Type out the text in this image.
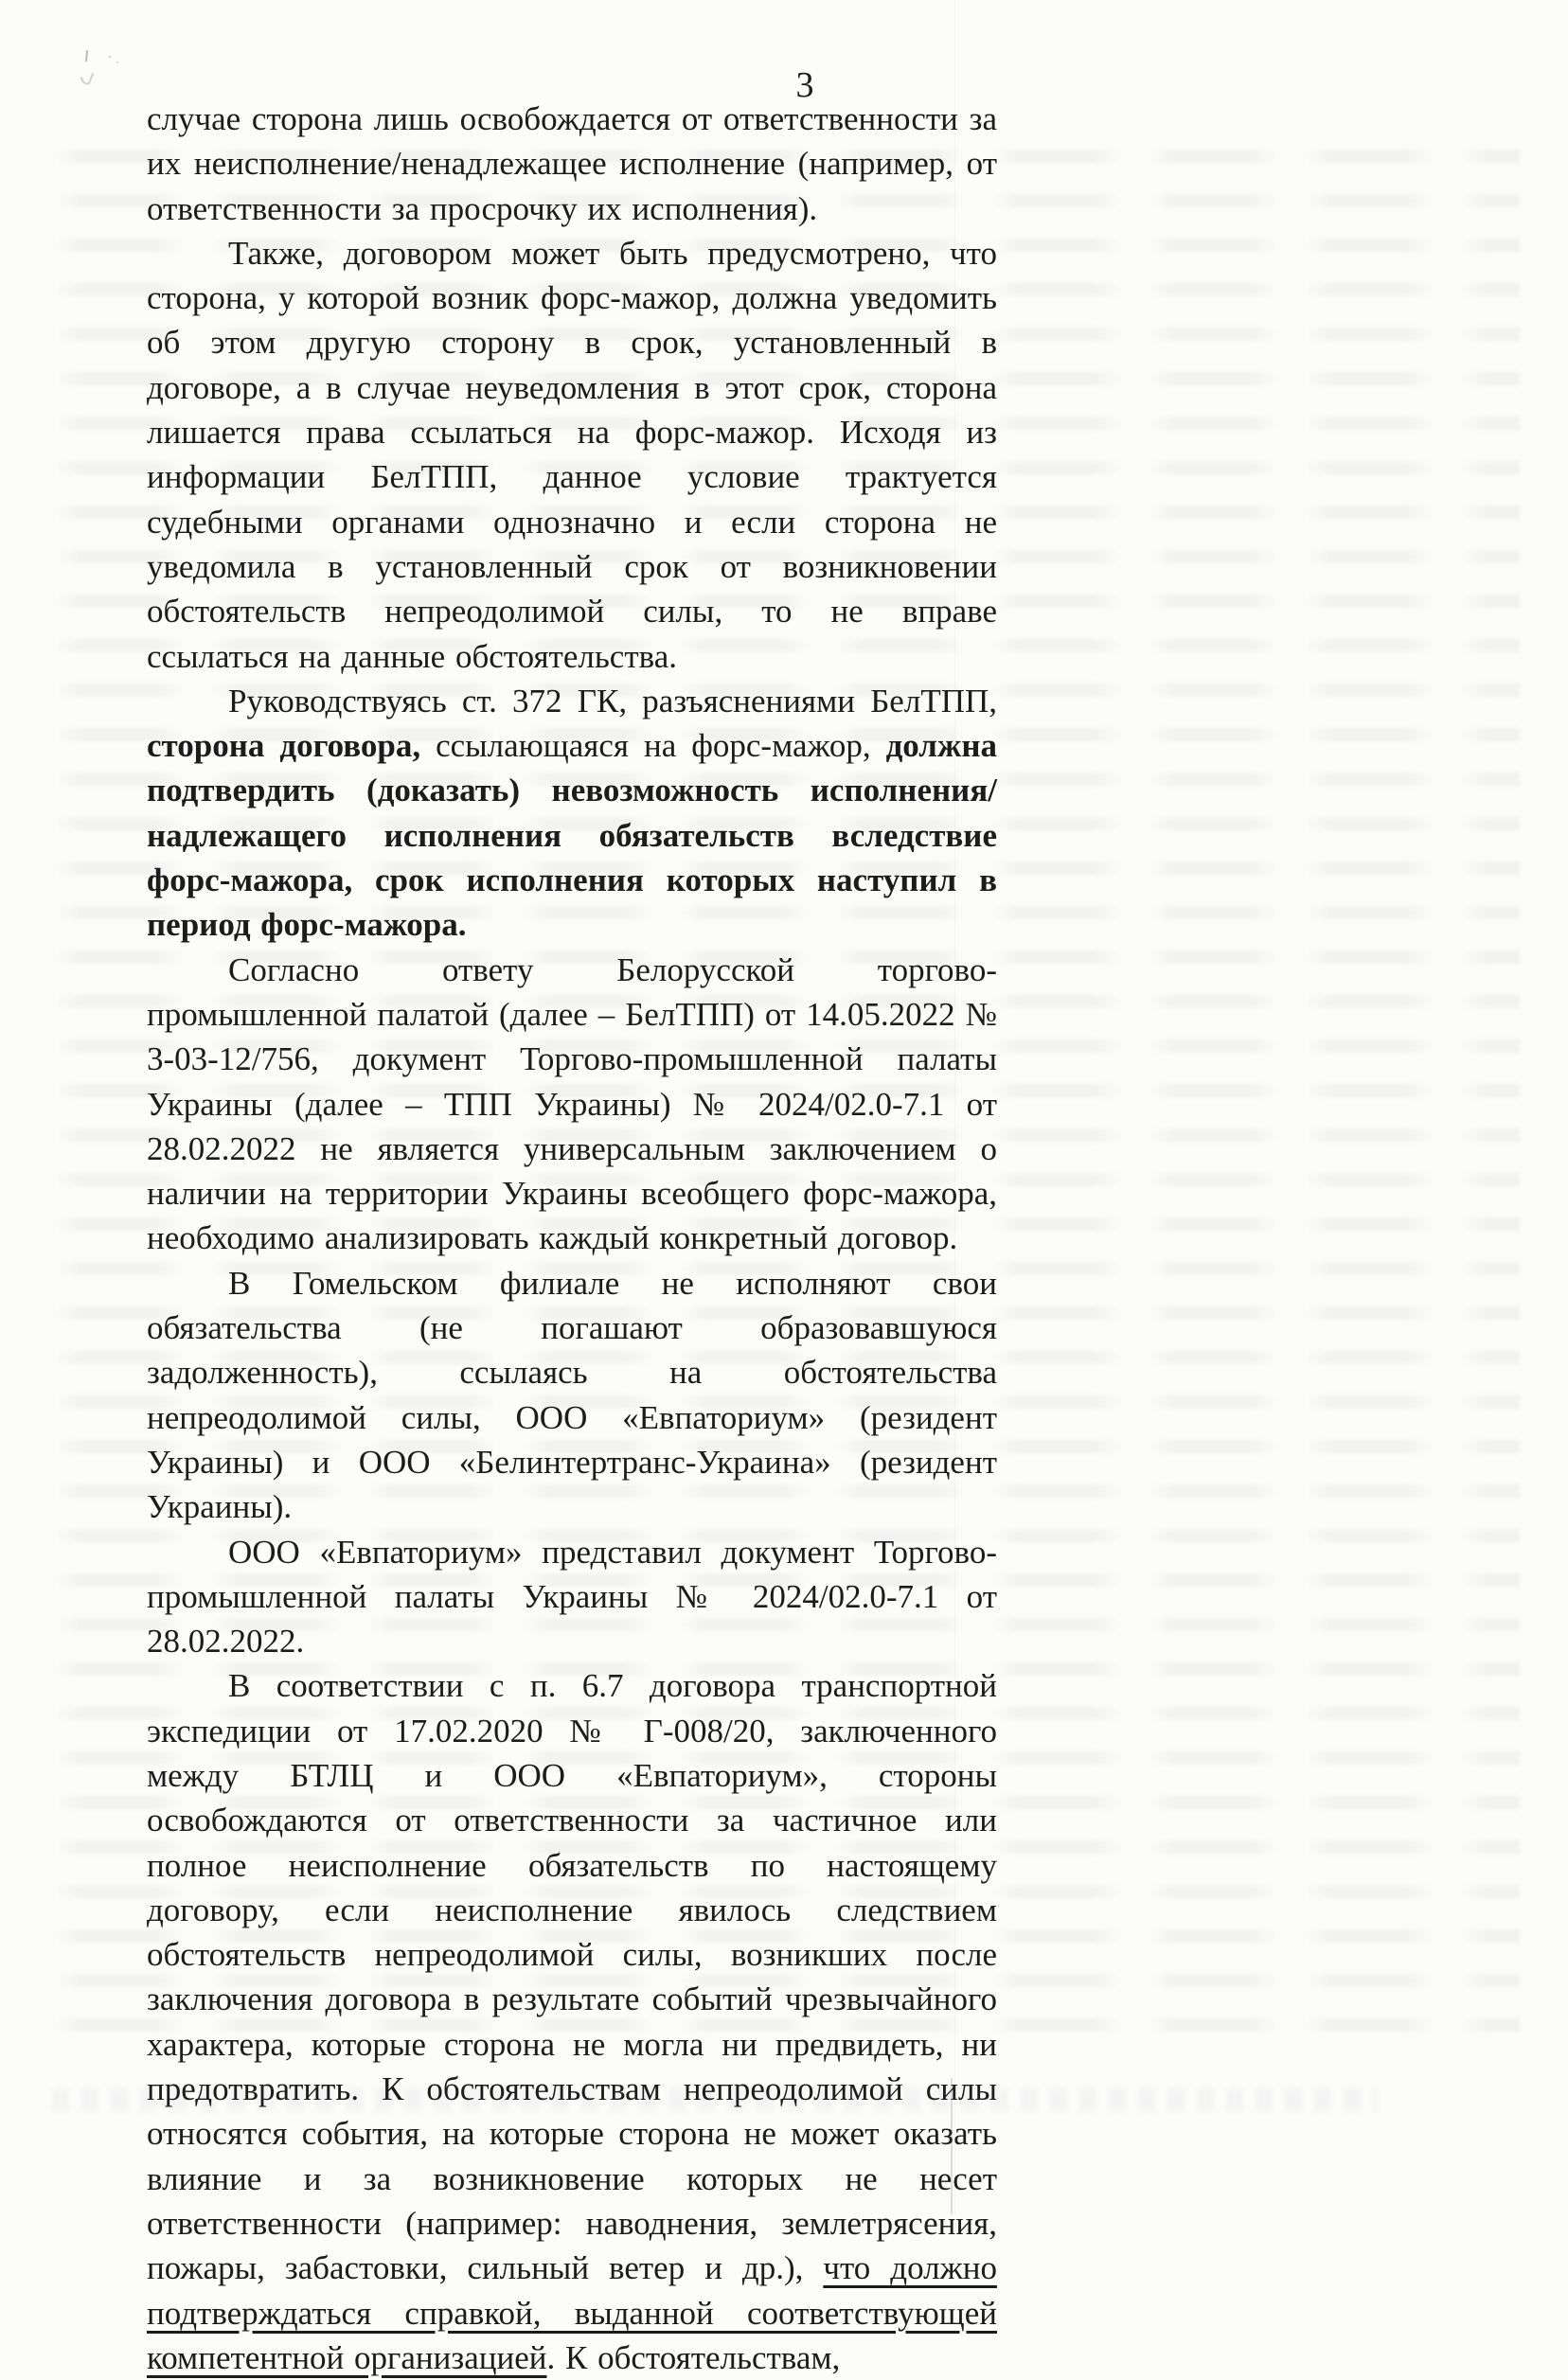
3

случае сторона лишь освобождается от ответственности за их неисполнение/ненадлежащее исполнение (например, от ответственности за просрочку их исполнения).

Также, договором может быть предусмотрено, что сторона, у которой возник форс-мажор, должна уведомить об этом другую сторону в срок, установленный в договоре, а в случае неуведомления в этот срок, сторона лишается права ссылаться на форс-мажор. Исходя из информации БелТПП, данное условие трактуется судебными органами однозначно и если сторона не уведомила в установленный срок от возникновении обстоятельств непреодолимой силы, то не вправе ссылаться на данные обстоятельства.

Руководствуясь ст. 372 ГК, разъяснениями БелТПП, сторона договора, ссылающаяся на форс-мажор, должна подтвердить (доказать) невозможность исполнения/надлежащего исполнения обязательств вследствие форс-мажора, срок исполнения которых наступил в период форс-мажора.

Согласно ответу Белорусской торгово-промышленной палатой (далее – БелТПП) от 14.05.2022 № 3-03-12/756, документ Торгово-промышленной палаты Украины (далее – ТПП Украины) № 2024/02.0-7.1 от 28.02.2022 не является универсальным заключением о наличии на территории Украины всеобщего форс-мажора, необходимо анализировать каждый конкретный договор.

В Гомельском филиале не исполняют свои обязательства (не погашают образовавшуюся задолженность), ссылаясь на обстоятельства непреодолимой силы, ООО «Евпаториум» (резидент Украины) и ООО «Белинтертранс-Украина» (резидент Украины).

ООО «Евпаториум» представил документ Торгово-промышленной палаты Украины № 2024/02.0-7.1 от 28.02.2022.

В соответствии с п. 6.7 договора транспортной экспедиции от 17.02.2020 № Г-008/20, заключенного между БТЛЦ и ООО «Евпаториум», стороны освобождаются от ответственности за частичное или полное неисполнение обязательств по настоящему договору, если неисполнение явилось следствием обстоятельств непреодолимой силы, возникших после заключения договора в результате событий чрезвычайного характера, которые сторона не могла ни предвидеть, ни предотвратить. К обстоятельствам непреодолимой силы относятся события, на которые сторона не может оказать влияние и за возникновение которых не несет ответственности (например: наводнения, землетрясения, пожары, забастовки, сильный ветер и др.), что должно подтверждаться справкой, выданной соответствующей компетентной организацией. К обстоятельствам,
